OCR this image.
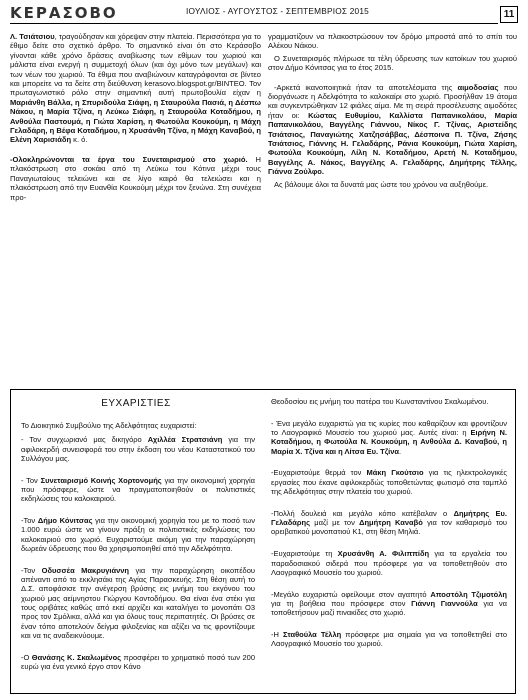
ΚΕΡΑΣΟΒΟ	ΙΟΥΛΙΟΣ - ΑΥΓΟΥΣΤΟΣ - ΣΕΠΤΕΜΒΡΙΟΣ 2015	11

Λ. Τσιάτσιου, τραγούδησαν και χόρεψαν στην πλατεία. Περισσότερα για το έθιμο δείτε στο σχετικό άρθρο. Το σημαντικό είναι ότι στο Κεράσοβο γίνονται κάθε χρόνο δράσεις αναβίωσης των εθίμων του χωριού και μάλιστα είναι ενεργή η συμμετοχή όλων (και όχι μόνο των μεγάλων) και των νέων του χωριού. Τα έθιμα που αναβιώνουν καταγράφονται σε βίντεο και μπορείτε να τα δείτε στη διεύθυνση kerasovo.blogspot.gr/ΒΙΝΤΕΟ. Τον πρωταγωνιστικό ρόλο στην σημαντική αυτή πρωτοβουλία είχαν η Μαριάνθη Βάλλα, η Σπυριδούλα Σιάφη, η Σταυρούλα Πασιά, η Δέσπω Νάκου, η Μαρία Τζίνα, η Λεύκω Σιάφη, η Σταυρούλα Κοταδήμου, η Ανθούλα Παστουμά, η Γιώτα Χαρίση, η Φωτούλα Κουκούμη, η Μάχη Γελαδάρη, η Βέφα Κοταδήμου, η Χρυσάνθη Τζίνα, η Μάχη Καναβού, η Ελένη Χαρισιάδη κ. ό.

-Ολοκληρώνονται τα έργα του Συνεταιρισμού στο χωριό. Η πλακόστρωση στο σοκάκι από τη Λεύκω του Κότινα μέχρι τους Παναγιωταίους τελειώνει και σε λίγο καιρό θα τελειώσει και η πλακόστρωση από την Ευανθία Κουκούμη μέχρι τον ξενώνα. Στη συνέχεια προ-

γραμματίζουν να πλακοστρώσουν τον δρόμο μπροστά από το σπίτι του Αλέκου Νάκου.

Ο Συνεταιρισμός πλήρωσε τα τέλη ύδρευσης των κατοίκων του χωριού στον Δήμο Κόνιτσας για το έτος 2015.

-Αρκετά ικανοποιητικά ήταν τα αποτελέσματα της αιμοδοσίας που διοργάνωσε η Αδελφότητα το καλοκαίρι στο χωριό. Προσήλθαν 19 άτομα και συγκεντρώθηκαν 12 φιάλες αίμα. Με τη σειρά προσέλευσης αιμοδότες ήταν οι: Κώστας Ευθυμίου, Καλλίστα Παπανικολάου, Μαρία Παπανικολάου, Βαγγέλης Γιάννου, Νίκος Γ. Τζίνας, Αριστείδης Τσιάτσιος, Παναγιώτης Χατζησάββας, Δέσποινα Π. Τζίνα, Ζήσης Τσιάτσιος, Γιάννης Η. Γελαδάρης, Ράνια Κουκούμη, Γιώτα Χαρίση, Φωτούλα Κουκούμη, Λίλη Ν. Κοταδήμου, Αρετή Ν. Κοταδήμου, Βαγγέλης Α. Νάκος, Βαγγέλης Α. Γελαδάρης, Δημήτρης Τέλλης, Γιάννα Ζούλφο.

Ας βάλουμε όλοι τα δυνατά μας ώστε του χρόνου να αυξηθούμε.

ΕΥΧΑΡΙΣΤΙΕΣ

Το Διοικητικό Συμβούλιο της Αδελφότητας ευχαριστεί:

- Τον συγχωριανό μας δικηγόρο Αχιλλέα Στρατσιάνη για την αφιλοκερδή συνεισφορά του στην έκδοση του νέου Καταστατικού του Συλλόγου μας.

- Τον Συνεταιρισμό Κοινής Χορτονομής για την οικονομική χορηγία που πρόσφερε, ώστε να πραγματοποιηθούν οι πολιτιστικές εκδηλώσεις του καλοκαιριού.

-Τον Δήμο Κόνιτσας για την οικονομική χορηγία του με το ποσό των 1.000 ευρώ ώστε να γίνουν πράξη οι πολιτιστικές εκδηλώσεις του καλοκαιριού στο χωριό. Ευχαριστούμε ακόμη για την παραχώρηση δωρεάν ύδρευσης που θα χρησιμοποιηθεί από την Αδελφότητα.

-Τον Οδυσσέα Μακρυγιάννη για την παραχώρηση οικοπέδου απέναντι από το εκκλησάκι της Αγίας Παρασκευής. Στη θέση αυτή το Δ.Σ. αποφάσισε την ανέγερση βρύσης εις μνήμη του εκγόνου του χωριού μας αείμνηστου Γιώργου Κοντοδήμου. Θα είναι ένα στέκι για τους οριβάτες καθώς από εκεί αρχίζει και καταλήγει το μονοπάτι Ο3 προς τον Σμόλικα, αλλά και για όλους τους περιπατητές. Οι βρύσες σε έναν τόπο αποτελούν δείγμα φιλοξενίας και αξίζει να τις φροντίζουμε και να τις αναδεικνύουμε.

-Ο Θανάσης Κ. Σκαλωμένος προσφέρει το χρηματικό ποσό των 200 ευρώ για ένα γενικό έργο στον Κάνο

Θεοδοσίου εις μνήμη του πατέρα του Κωνσταντίνου Σκαλωμένου.

- Ένα μεγάλο ευχαριστώ για τις κυρίες που καθαρίζουν και φροντίζουν το Λαογραφικό Μουσείο του χωριού μας. Αυτές είναι: η Ειρήνη Ν. Κοταδήμου, η Φωτούλα Ν. Κουκούμη, η Ανθούλα Δ. Καναβού, η Μαρία Χ. Τζίνα και η Λίτσα Ευ. Τζίνα.

-Ευχαριστούμε θερμά τον Μάκη Γκούτσιο για τις ηλεκτρολογικές εργασίες που έκανε αφιλοκερδώς τοποθετώντας φωτισμό στα ταμπλό της Αδελφότητας στην πλατεία του χωριού.

-Πολλή δουλειά και μεγάλο κόπο κατέβαλαν ο Δημήτρης Ευ. Γελαδάρης μαζί με τον Δημήτρη Καναβό για τον καθαρισμό του ορειβατικού μονοπατιού Κ1, στη θέση Μηλιά.

-Ευχαριστούμε τη Χρυσάνθη Α. Φιλιππίδη για τα εργαλεία του παραδοσιακού σιδερά που πρόσφερε για να τοποθετηθούν στο Λαογραφικό Μουσείο του χωριού.

-Μεγάλο ευχαριστώ οφείλουμε στον αγαπητό Αποστόλη Τζιμοτόλη για τη βοήθεια που πρόσφερε στον Γιάννη Γιαννούλα για να τοποθετήσουν μαζί πινακίδες στο χωριό.

-Η Σταθούλα Τέλλη πρόσφερε μια σημαία για να τοποθετηθεί στο Λαογραφικό Μουσείο του χωριού.
